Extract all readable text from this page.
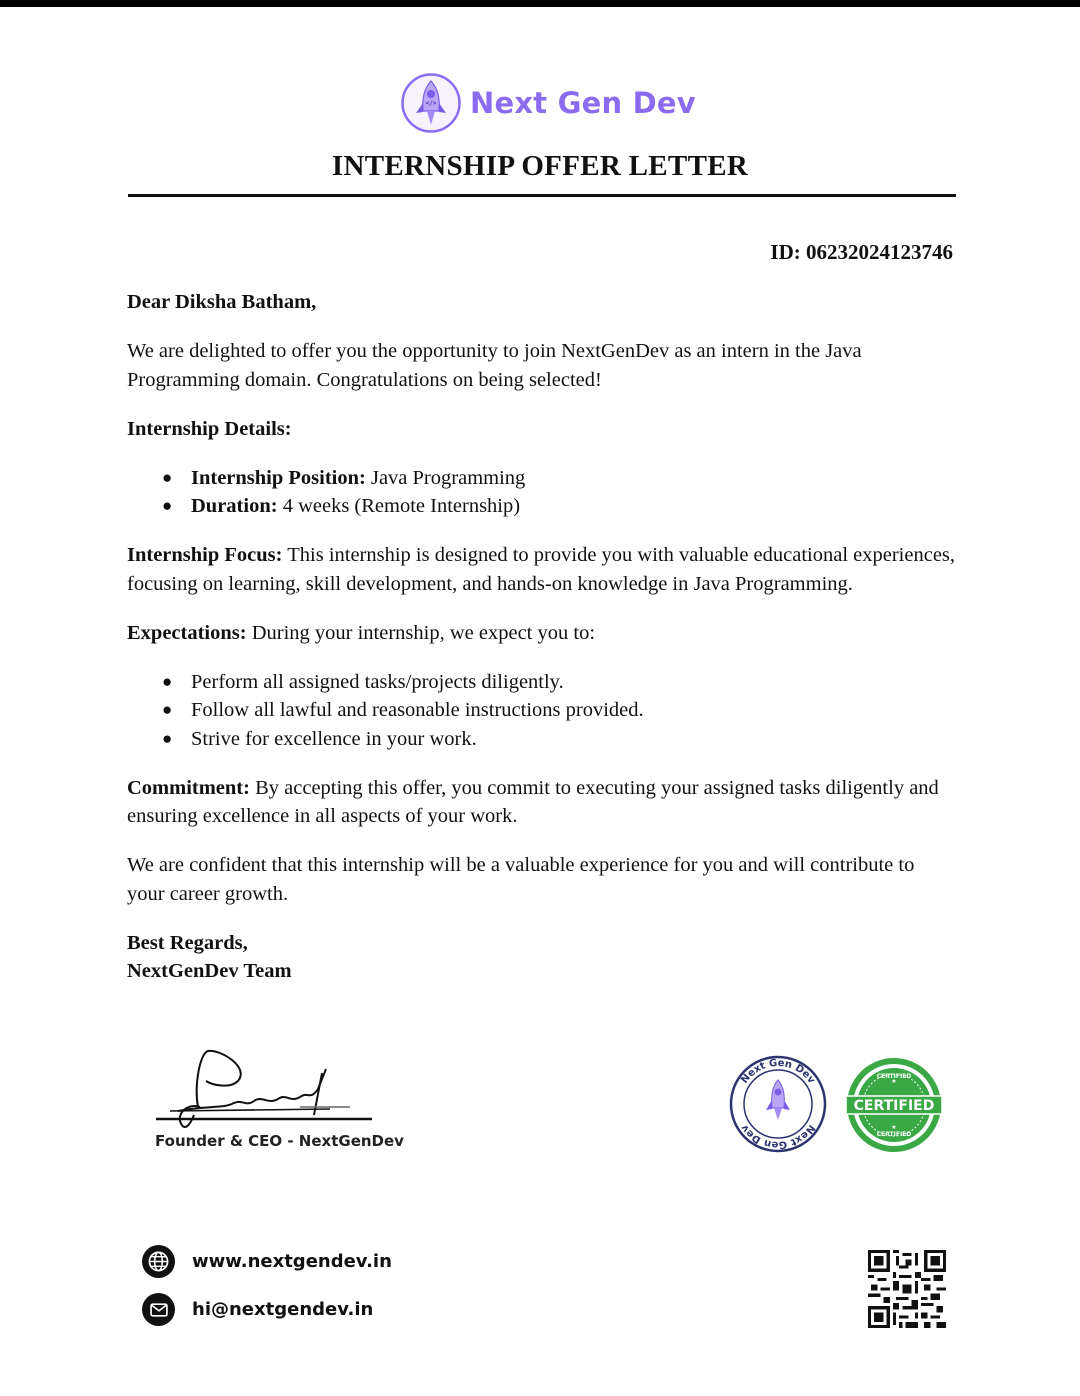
</> Next Gen Dev
INTERNSHIP OFFER LETTER
ID: 06232024123746

Dear Diksha Batham,

We are delighted to offer you the opportunity to join NextGenDev as an intern in the Java Programming domain. Congratulations on being selected!

Internship Details:

● Internship Position: Java Programming
● Duration: 4 weeks (Remote Internship)

Internship Focus: This internship is designed to provide you with valuable educational experiences, focusing on learning, skill development, and hands-on knowledge in Java Programming.

Expectations: During your internship, we expect you to:

● Perform all assigned tasks/projects diligently.
● Follow all lawful and reasonable instructions provided.
● Strive for excellence in your work.

Commitment: By accepting this offer, you commit to executing your assigned tasks diligently and ensuring excellence in all aspects of your work.

We are confident that this internship will be a valuable experience for you and will contribute to your career growth.

Best Regards,
NextGenDev Team

Founder & CEO - NextGenDev
Next Gen Dev
Next Gen Dev
CERTIFIED
★
CERTIFIED
★
CERTIFIED
www.nextgendev.in
hi@nextgendev.in
